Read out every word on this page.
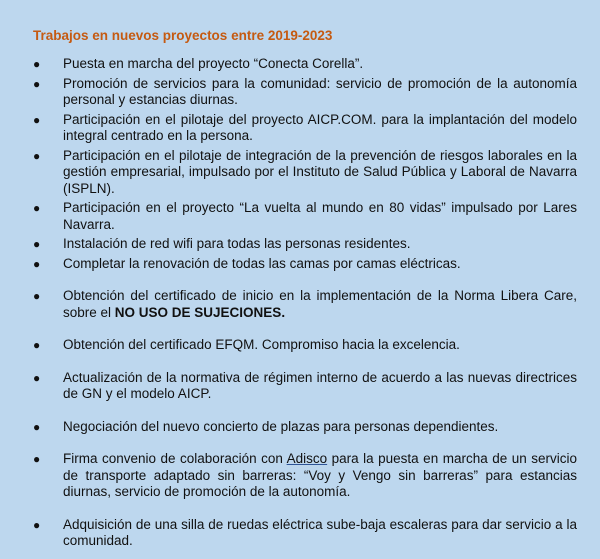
Trabajos en nuevos proyectos entre 2019-2023
●	Puesta en marcha del proyecto “Conecta Corella”.
●	Promoción de servicios para la comunidad: servicio de promoción de la autonomía personal y estancias diurnas.
●	Participación en el pilotaje del proyecto AICP.COM. para la implantación del modelo integral centrado en la persona.
●	Participación en el pilotaje de integración de la prevención de riesgos laborales en la gestión empresarial, impulsado por el Instituto de Salud Pública y Laboral de Navarra (ISPLN).
●	Participación en el proyecto “La vuelta al mundo en 80 vidas” impulsado por Lares Navarra.
●	Instalación de red wifi para todas las personas residentes.
●	Completar la renovación de todas las camas por camas eléctricas.
●	Obtención del certificado de inicio en la implementación de la Norma Libera Care, sobre el NO USO DE SUJECIONES.
●	Obtención del certificado EFQM. Compromiso hacia la excelencia.
●	Actualización de la normativa de régimen interno de acuerdo a las nuevas directrices de GN y el modelo AICP.
●	Negociación del nuevo concierto de plazas para personas dependientes.
●	Firma convenio de colaboración con Adisco para la puesta en marcha de un servicio de transporte adaptado sin barreras: “Voy y Vengo sin barreras” para estancias diurnas, servicio de promoción de la autonomía.
●	Adquisición de una silla de ruedas eléctrica sube-baja escaleras para dar servicio a la comunidad.
